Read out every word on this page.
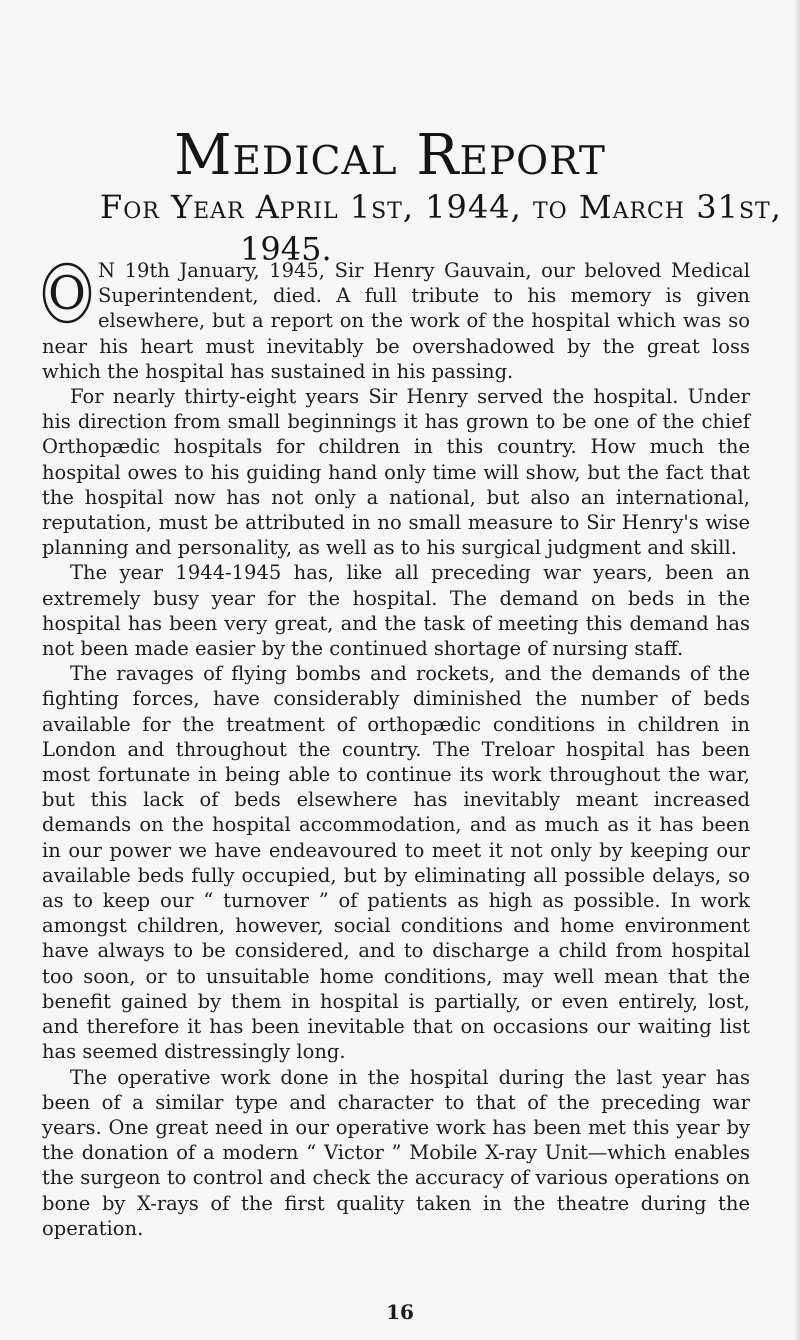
Medical Report
For Year April 1st, 1944, to March 31st,
1945.

O N 19th January, 1945, Sir Henry Gauvain, our beloved Medical Superintendent, died. A full tribute to his memory is given elsewhere, but a report on the work of the hospital which was so near his heart must inevitably be overshadowed by the great loss which the hospital has sustained in his passing.

For nearly thirty-eight years Sir Henry served the hospital. Under his direction from small beginnings it has grown to be one of the chief Orthopædic hospitals for children in this country. How much the hospital owes to his guiding hand only time will show, but the fact that the hospital now has not only a national, but also an international, reputation, must be attributed in no small measure to Sir Henry's wise planning and personality, as well as to his surgical judgment and skill.

The year 1944-1945 has, like all preceding war years, been an extremely busy year for the hospital. The demand on beds in the hospital has been very great, and the task of meeting this demand has not been made easier by the continued shortage of nursing staff.

The ravages of flying bombs and rockets, and the demands of the fighting forces, have considerably diminished the number of beds available for the treatment of orthopædic conditions in children in London and throughout the country. The Treloar hospital has been most fortunate in being able to continue its work throughout the war, but this lack of beds elsewhere has inevitably meant increased demands on the hospital accommodation, and as much as it has been in our power we have endeavoured to meet it not only by keeping our available beds fully occupied, but by eliminating all possible delays, so as to keep our “ turnover ” of patients as high as possible. In work amongst children, however, social conditions and home environment have always to be considered, and to discharge a child from hospital too soon, or to unsuitable home conditions, may well mean that the benefit gained by them in hospital is partially, or even entirely, lost, and therefore it has been inevitable that on occasions our waiting list has seemed distressingly long.

The operative work done in the hospital during the last year has been of a similar type and character to that of the preceding war years. One great need in our operative work has been met this year by the donation of a modern “ Victor ” Mobile X-ray Unit—which enables the surgeon to control and check the accuracy of various operations on bone by X-rays of the first quality taken in the theatre during the operation.

16
